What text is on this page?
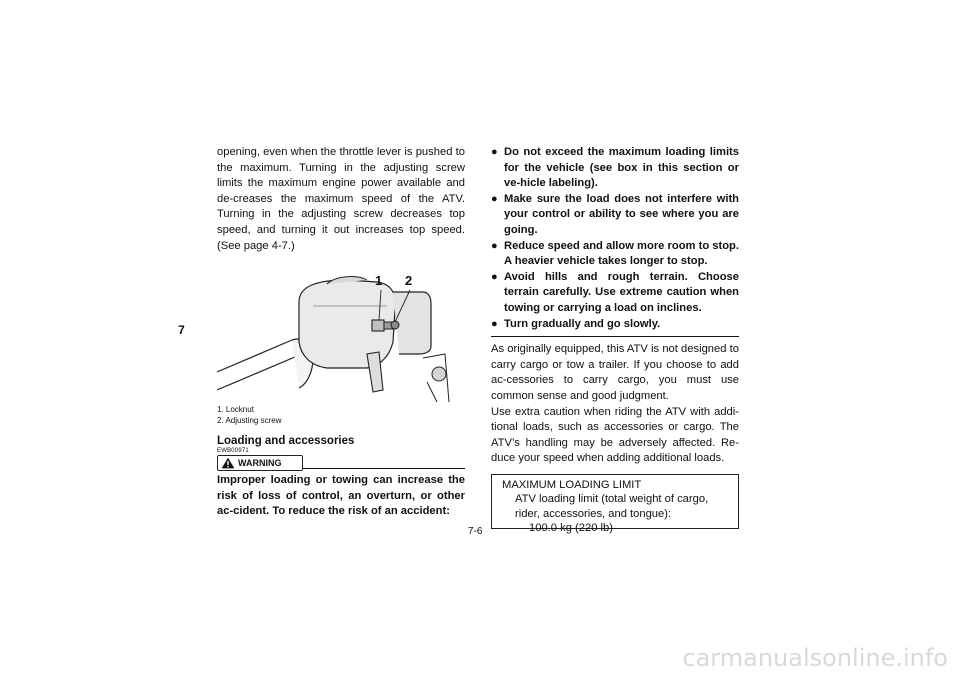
7

opening, even when the throttle lever is pushed to the maximum. Turning in the adjusting screw limits the maximum engine power available and de-creases the maximum speed of the ATV. Turning in the adjusting screw decreases top speed, and turning it out increases top speed. (See page 4-7.)

1 2
1. Locknut
2. Adjusting screw
Loading and accessories
EWB00971
WARNING

Improper loading or towing can increase the risk of loss of control, an overturn, or other ac-cident. To reduce the risk of an accident:

● Do not exceed the maximum loading limits for the vehicle (see box in this section or ve-hicle labeling).
● Make sure the load does not interfere with your control or ability to see where you are going.
● Reduce speed and allow more room to stop. A heavier vehicle takes longer to stop.
● Avoid hills and rough terrain. Choose terrain carefully. Use extreme caution when towing or carrying a load on inclines.
● Turn gradually and go slowly.

As originally equipped, this ATV is not designed to carry cargo or tow a trailer. If you choose to add ac-cessories to carry cargo, you must use common sense and good judgment.

Use extra caution when riding the ATV with addi-tional loads, such as accessories or cargo. The ATV’s handling may be adversely affected. Re-duce your speed when adding additional loads.

MAXIMUM LOADING LIMIT
ATV loading limit (total weight of cargo, rider, accessories, and tongue):
100.0 kg (220 lb)
7-6
carmanualsonline.info
